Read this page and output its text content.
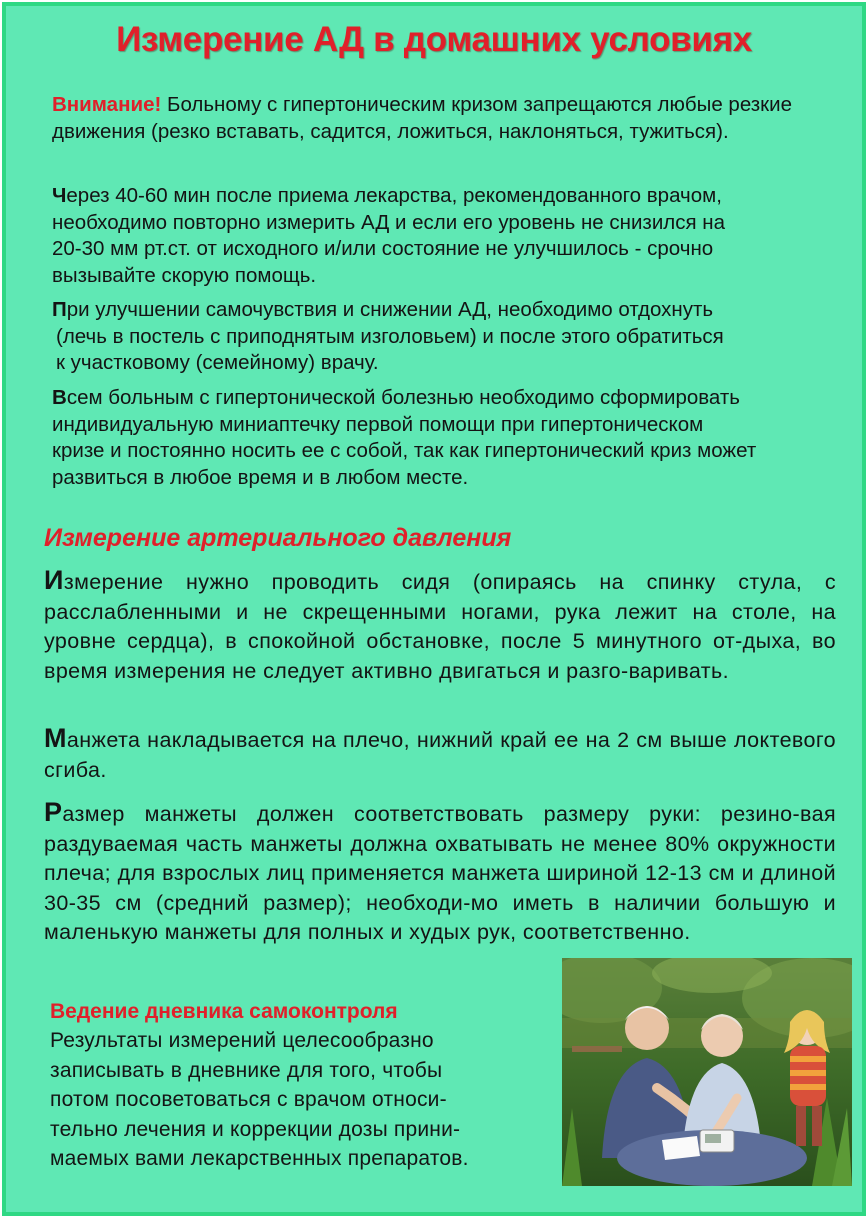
Измерение АД в домашних условиях

Внимание! Больному с гипертоническим кризом запрещаются любые резкие движения (резко вставать, садится, ложиться, наклоняться, тужиться).

Через 40-60 мин после приема лекарства, рекомендованного врачом,
необходимо повторно измерить АД и если его уровень не снизился на
20-30 мм рт.ст. от исходного и/или состояние не улучшилось - срочно
вызывайте скорую помощь.
При улучшении самочувствия и снижении АД, необходимо отдохнуть
(лечь в постель с приподнятым изголовьем) и после этого обратиться
к участковому (семейному) врачу.
Всем больным с гипертонической болезнью необходимо сформировать
индивидуальную миниаптечку первой помощи при гипертоническом
кризе и постоянно носить ее с собой, так как гипертонический криз может
развиться в любое время и в любом месте.

Измерение артериального давления

Измерение нужно проводить сидя (опираясь на спинку стула, с расслабленными и не скрещенными ногами, рука лежит на столе, на уровне сердца), в спокойной обстановке, после 5 минутного от-дыха, во время измерения не следует активно двигаться и разго-варивать.

Манжета накладывается на плечо, нижний край ее на 2 см выше локтевого сгиба.

Размер манжеты должен соответствовать размеру руки: резино-вая раздуваемая часть манжеты должна охватывать не менее 80% окружности плеча; для взрослых лиц применяется манжета шириной 12-13 см и длиной 30-35 см (средний размер); необходи-мо иметь в наличии большую и маленькую манжеты для полных и худых рук, соответственно.

Ведение дневника самоконтроля

Результаты измерений целесообразно
записывать в дневнике для того, чтобы
потом посоветоваться с врачом относи-
тельно лечения и коррекции дозы прини-
маемых вами лекарственных препаратов.
